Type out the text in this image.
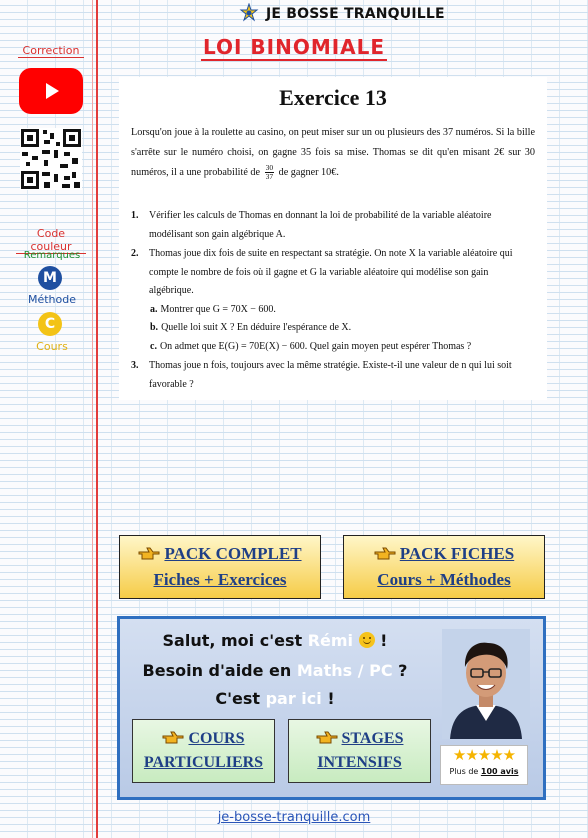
JE BOSSE TRANQUILLE
LOI BINOMIALE
Correction
Code couleur
Remarques
M
Méthode
C
Cours
Exercice 13
Lorsqu'on joue à la roulette au casino, on peut miser sur un ou plusieurs des 37 numéros. Si la bille s'arrête sur le numéro choisi, on gagne 35 fois sa mise. Thomas se dit qu'en misant 2€ sur 30 numéros, il a une probabilité de $\frac{30}{37}$ de gagner 10€.
1. Vérifier les calculs de Thomas en donnant la loi de probabilité de la variable aléatoire modélisant son gain algébrique A.
2. Thomas joue dix fois de suite en respectant sa stratégie. On note X la variable aléatoire qui compte le nombre de fois où il gagne et G la variable aléatoire qui modélise son gain algébrique.
a. Montrer que G = 70X − 600.
b. Quelle loi suit X ? En déduire l'espérance de X.
c. On admet que E(G) = 70E(X) − 600. Quel gain moyen peut espérer Thomas ?
3. Thomas joue n fois, toujours avec la même stratégie. Existe-t-il une valeur de n qui lui soit favorable ?
PACK COMPLET
Fiches + Exercices
PACK FICHES
Cours + Méthodes
Salut, moi c'est Rémi  !
Besoin d'aide en Maths / PC ?
C'est par ici !
COURS
PARTICULIERS
STAGES
INTENSIFS	★★★★★
Plus de 100 avis
je-bosse-tranquille.com
